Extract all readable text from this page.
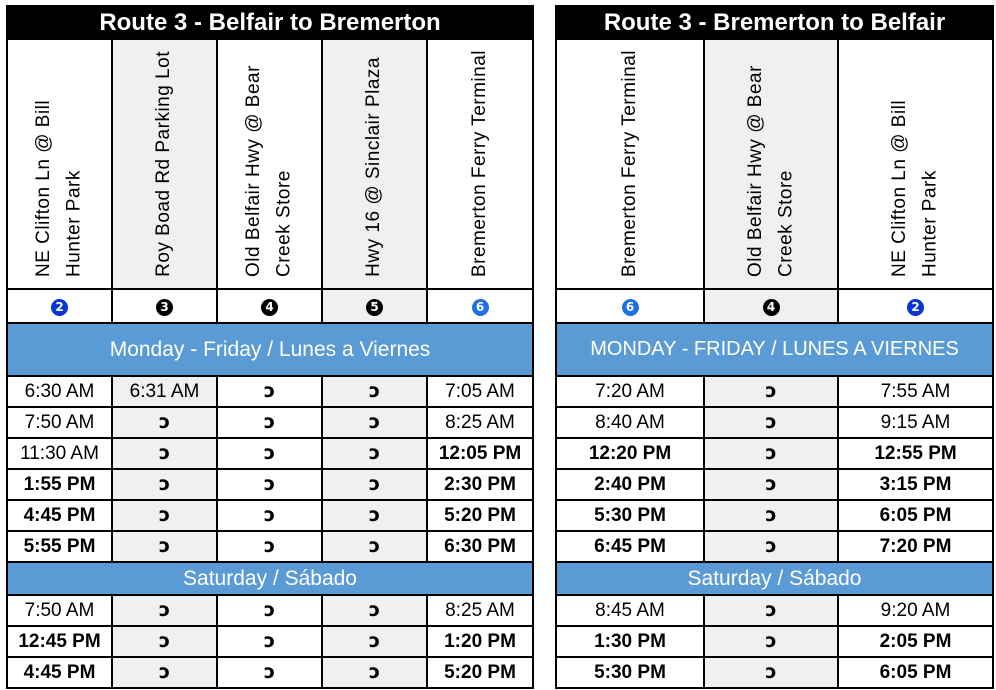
Route 3 - Belfair to Bremerton				
NE Clifton Ln @ Bill Hunter Park	Roy Boad Rd Parking Lot	Old Belfair Hwy @ Bear Creek Store	Hwy 16 @ Sinclair Plaza	Bremerton Ferry Terminal
2	3	4	5	6
Monday - Friday / Lunes a Viernes				
6:30 AM	6:31 AM	ɔ	ɔ	7:05 AM
7:50 AM	ɔ	ɔ	ɔ	8:25 AM
11:30 AM	ɔ	ɔ	ɔ	12:05 PM
1:55 PM	ɔ	ɔ	ɔ	2:30 PM
4:45 PM	ɔ	ɔ	ɔ	5:20 PM
5:55 PM	ɔ	ɔ	ɔ	6:30 PM
Saturday / Sábado				
7:50 AM	ɔ	ɔ	ɔ	8:25 AM
12:45 PM	ɔ	ɔ	ɔ	1:20 PM
4:45 PM	ɔ	ɔ	ɔ	5:20 PM
Route 3 - Bremerton to Belfair		
Bremerton Ferry Terminal	Old Belfair Hwy @ Bear Creek Store	NE Clifton Ln @ Bill Hunter Park
6	4	2
MONDAY - FRIDAY / LUNES A VIERNES		
7:20 AM	ɔ	7:55 AM
8:40 AM	ɔ	9:15 AM
12:20 PM	ɔ	12:55 PM
2:40 PM	ɔ	3:15 PM
5:30 PM	ɔ	6:05 PM
6:45 PM	ɔ	7:20 PM
Saturday / Sábado		
8:45 AM	ɔ	9:20 AM
1:30 PM	ɔ	2:05 PM
5:30 PM	ɔ	6:05 PM
